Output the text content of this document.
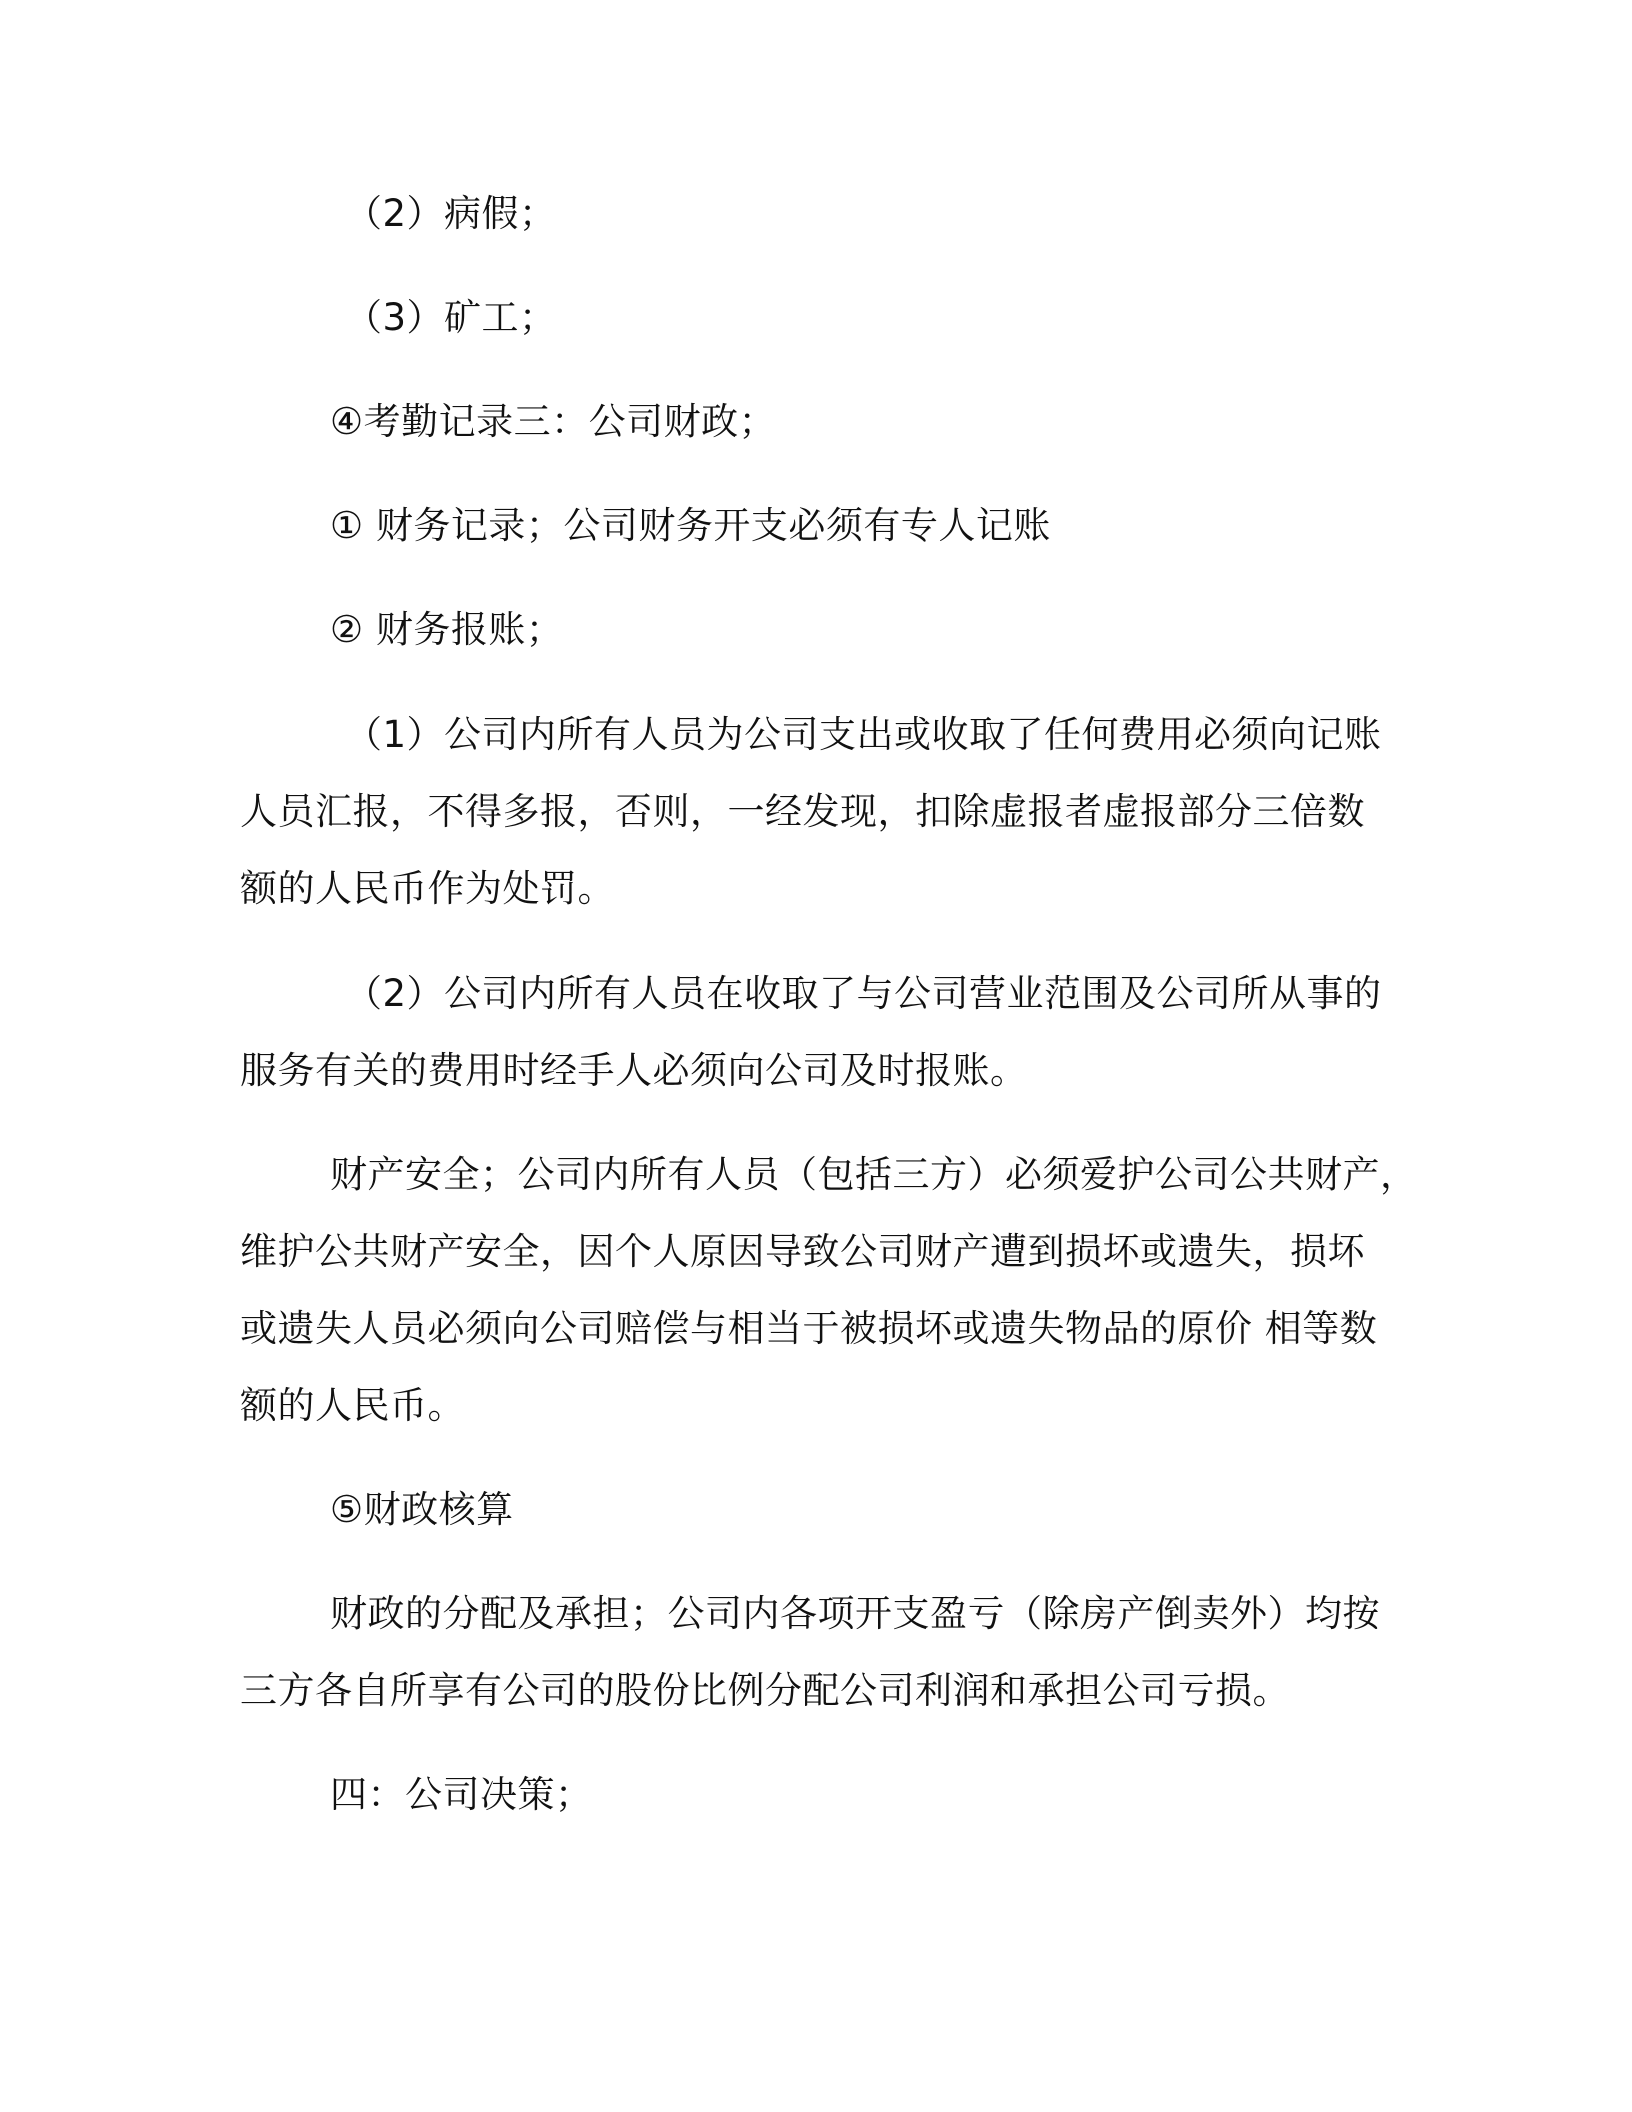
（2）病假；
（3）矿工；
④考勤记录三：公司财政；
① 财务记录；公司财务开支必须有专人记账
② 财务报账；
（1）公司内所有人员为公司支出或收取了任何费用必须向记账
人员汇报，不得多报，否则，一经发现，扣除虚报者虚报部分三倍数
额的人民币作为处罚。
（2）公司内所有人员在收取了与公司营业范围及公司所从事的
服务有关的费用时经手人必须向公司及时报账。
财产安全；公司内所有人员（包括三方）必须爱护公司公共财产，
维护公共财产安全，因个人原因导致公司财产遭到损坏或遗失，损坏
或遗失人员必须向公司赔偿与相当于被损坏或遗失物品的原价 相等数
额的人民币。
⑤财政核算
财政的分配及承担；公司内各项开支盈亏（除房产倒卖外）均按
三方各自所享有公司的股份比例分配公司利润和承担公司亏损。
四：公司决策；
